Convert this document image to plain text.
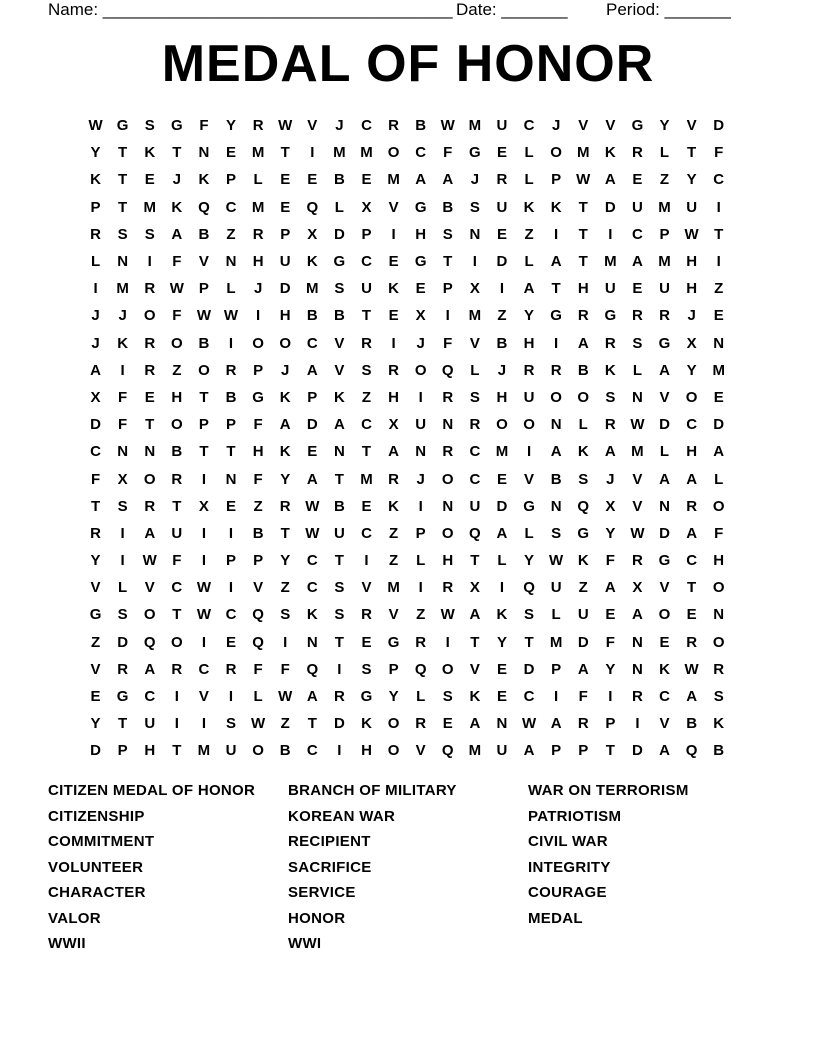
Name: _____________________________________ Date: _______ Period: _______
MEDAL OF HONOR
W G	S	G	F	Y	R W	V	J	C	R	B W M	U	C	J	V	V	G	Y	V	D
Y	T	K	T	N	E	M	T	I	M M	O	C	F	G	E	L	O	M	K	R	L	T	F
K	T	E	J	K	P	L	E	E	B	E	M	A	A	J	R	L	P	W A	E	Z	Y	C
P	T	M	K	Q	C	M	E	Q	L	X	V	G	B	S	U	K	K	T	D	U	M	U	I
R	S	S	A	B	Z	R	P	X	D	P	I	H	S	N	E	Z	I	T	I	C	P	W	T
L	N	I	F	V	N	H	U	K	G	C	E	G	T	I	D	L	A	T	M	A	M	H	I
I	M	R W	P	L	J	D	M	S	U	K	E	P	X	I	A	T	H	U	E	U	H	Z
J	J	O	F	W W	I	H	B	B	T	E	X	I	M	Z	Y	G	R	G	R	R	J	E
J	K	R	O	B	I	O	O	C	V	R	I	J	F	V	B	H	I	A	R	S	G	X	N
A	I	R	Z	O	R	P	J	A	V	S	R	O	Q	L	J	R	R	B	K	L	A	Y	M
X	F	E	H	T	B	G	K	P	K	Z	H	I	R	S	H	U	O	O	S	N	V	O	E
D	F	T	O	P	P	F	A	D	A	C	X	U	N	R	O	O	N	L	R W D	C	D
C	N	N	B	T	T	H	K	E	N	T	A	N	R	C	M	I	A	K	A	M	L	H	A
F	X	O	R	I	N	F	Y	A	T	M	R	J	O	C	E	V	B	S	J	V	A	A	L
T	S	R	T	X	E	Z	R W B	E	K	I	N	U	D	G	N	Q	X	V	N	R	O
R	I	A	U	I	I	B	T	W U	C	Z	P	O	Q	A	L	S	G	Y	W D	A	F
Y	I	W	F	I	P	P	Y	C	T	I	Z	L	H	T	L	Y	W K	F	R	G	C	H
V	L	V	C W	I	V	Z	C	S	V	M	I	R	X	I	Q	U	Z	A	X	V	T	O
G	S	O	T	W C	Q	S	K	S	R	V	Z	W A	K	S	L	U	E	A	O	E	N
Z	D	Q	O	I	E	Q	I	N	T	E	G	R	I	T	Y	T	M	D	F	N	E	R	O
V	R	A	R	C	R	F	F	Q	I	S	P	Q	O	V	E	D	P	A	Y	N	K W R
E	G	C	I	V	I	L	W A	R	G	Y	L	S	K	E	C	I	F	I	R	C	A	S
Y	T	U	I	I	S	W	Z	T	D	K	O	R	E	A	N W A	R	P	I	V	B	K
D	P	H	T	M	U	O	B	C	I	H	O	V	Q	M	U	A	P	P	T	D	A	Q	B
CITIZEN MEDAL OF HONOR
CITIZENSHIP
COMMITMENT
VOLUNTEER
CHARACTER
VALOR
WWII
BRANCH OF MILITARY
KOREAN WAR
RECIPIENT
SACRIFICE
SERVICE
HONOR
WWI
WAR ON TERRORISM
PATRIOTISM
CIVIL WAR
INTEGRITY
COURAGE
MEDAL
